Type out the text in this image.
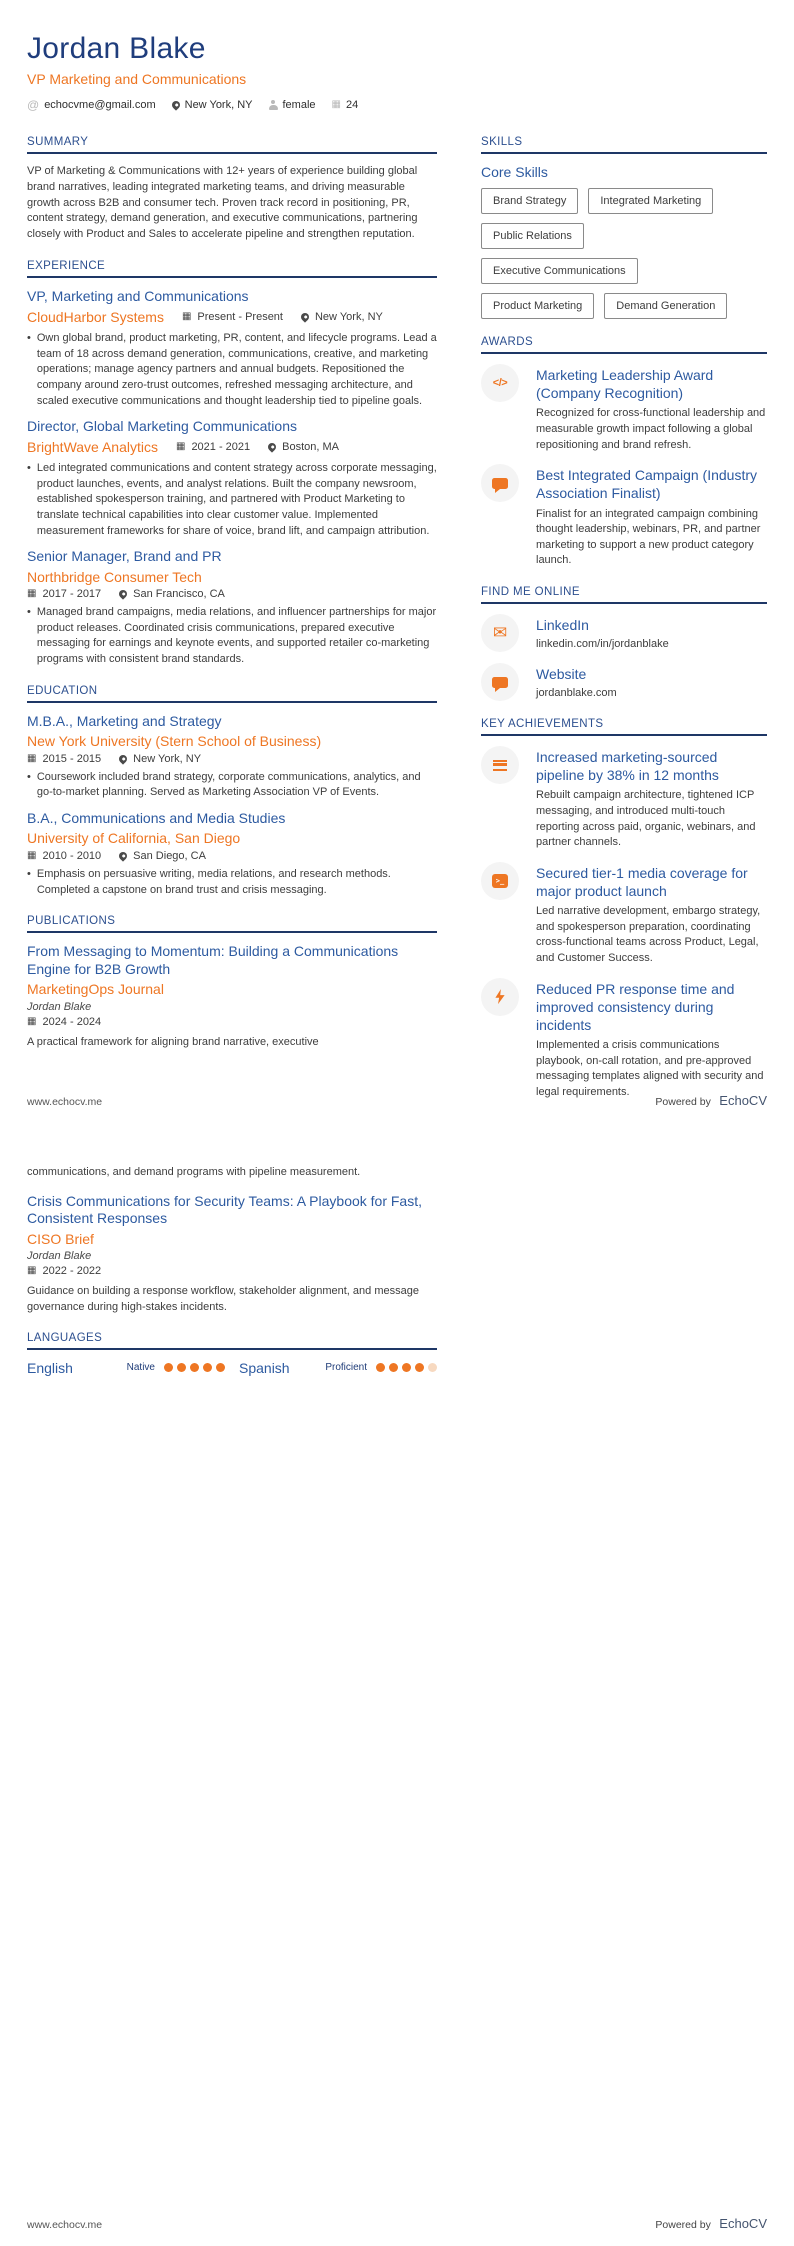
Jordan Blake
VP Marketing and Communications
@ echocvme@gmail.com	New York, NY	female ▦ 24
SUMMARY
VP of Marketing & Communications with 12+ years of experience building global brand narratives, leading integrated marketing teams, and driving measurable growth across B2B and consumer tech. Proven track record in positioning, PR, content strategy, demand generation, and executive communications, partnering closely with Product and Sales to accelerate pipeline and strengthen reputation.
EXPERIENCE
VP, Marketing and Communications
CloudHarbor Systems ▦ Present - Present	New York, NY
• Own global brand, product marketing, PR, content, and lifecycle programs. Lead a team of 18 across demand generation, communications, creative, and marketing operations; manage agency partners and annual budgets. Repositioned the company around zero-trust outcomes, refreshed messaging architecture, and scaled executive communications and thought leadership tied to pipeline goals.
Director, Global Marketing Communications
BrightWave Analytics ▦ 2021 - 2021	Boston, MA
• Led integrated communications and content strategy across corporate messaging, product launches, events, and analyst relations. Built the company newsroom, established spokesperson training, and partnered with Product Marketing to translate technical capabilities into clear customer value. Implemented measurement frameworks for share of voice, brand lift, and campaign attribution.
Senior Manager, Brand and PR
Northbridge Consumer Tech
▦ 2017 - 2017	San Francisco, CA
• Managed brand campaigns, media relations, and influencer partnerships for major product releases. Coordinated crisis communications, prepared executive messaging for earnings and keynote events, and supported retailer co-marketing programs with consistent brand standards.
EDUCATION
M.B.A., Marketing and Strategy
New York University (Stern School of Business)
▦ 2015 - 2015	New York, NY
• Coursework included brand strategy, corporate communications, analytics, and go-to-market planning. Served as Marketing Association VP of Events.
B.A., Communications and Media Studies
University of California, San Diego
▦ 2010 - 2010	San Diego, CA
• Emphasis on persuasive writing, media relations, and research methods. Completed a capstone on brand trust and crisis messaging.
PUBLICATIONS
From Messaging to Momentum: Building a Communications Engine for B2B Growth
MarketingOps Journal
Jordan Blake
▦ 2024 - 2024
A practical framework for aligning brand narrative, executive
SKILLS
Core Skills
Brand Strategy	Integrated Marketing
Public Relations
Executive Communications
Product Marketing	Demand Generation
AWARDS
</> Marketing Leadership Award (Company Recognition)
Recognized for cross-functional leadership and measurable growth impact following a global repositioning and brand refresh.
Best Integrated Campaign (Industry Association Finalist)
Finalist for an integrated campaign combining thought leadership, webinars, PR, and partner marketing to support a new product category launch.
FIND ME ONLINE
✉ LinkedIn
linkedin.com/in/jordanblake
Website
jordanblake.com
KEY ACHIEVEMENTS
Increased marketing-sourced pipeline by 38% in 12 months
Rebuilt campaign architecture, tightened ICP messaging, and introduced multi-touch reporting across paid, organic, webinars, and partner channels.
>_ Secured tier-1 media coverage for major product launch
Led narrative development, embargo strategy, and spokesperson preparation, coordinating cross-functional teams across Product, Legal, and Customer Success.
Reduced PR response time and improved consistency during incidents
Implemented a crisis communications playbook, on-call rotation, and pre-approved messaging templates aligned with security and legal requirements.
www.echocv.me	Powered by EchoCV
communications, and demand programs with pipeline measurement.
Crisis Communications for Security Teams: A Playbook for Fast, Consistent Responses
CISO Brief
Jordan Blake
▦ 2022 - 2022
Guidance on building a response workflow, stakeholder alignment, and message governance during high-stakes incidents.
LANGUAGES
English	Native	Spanish	Proficient
www.echocv.me	Powered by EchoCV
